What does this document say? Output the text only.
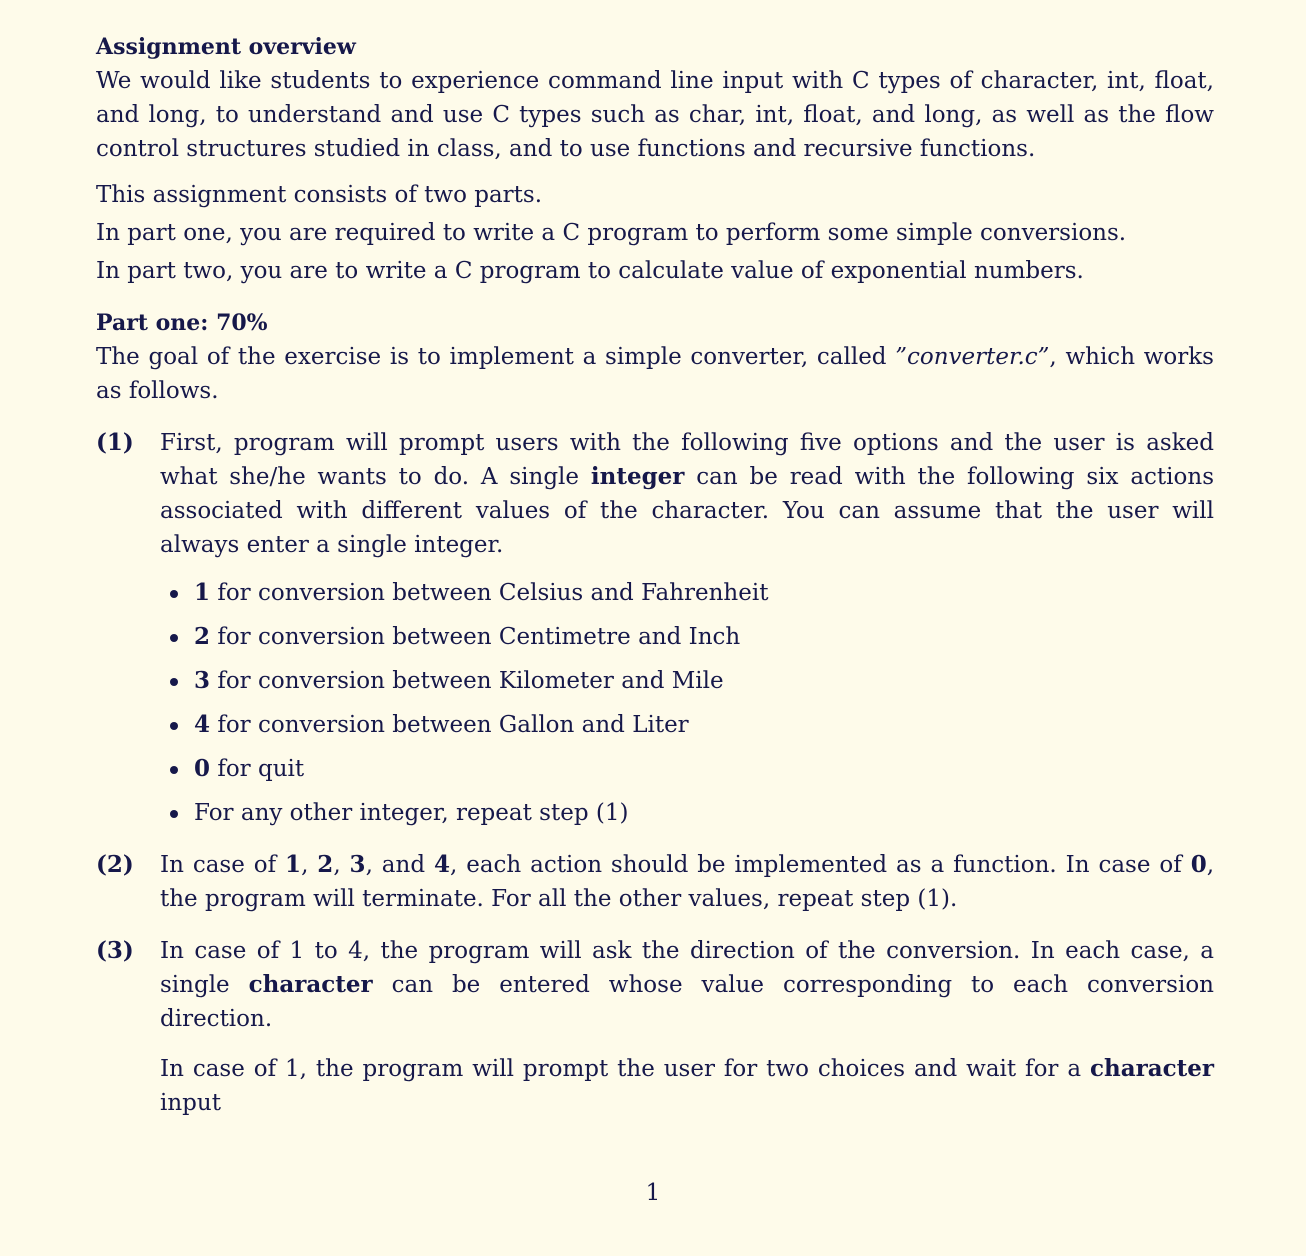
Assignment overview

We would like students to experience command line input with C types of character, int, float, and long, to understand and use C types such as char, int, float, and long, as well as the flow control structures studied in class, and to use functions and recursive functions.

This assignment consists of two parts.

In part one, you are required to write a C program to perform some simple conversions.

In part two, you are to write a C program to calculate value of exponential numbers.

Part one: 70%

The goal of the exercise is to implement a simple converter, called ”converter.c”, which works as follows.

(1)	First, program will prompt users with the following five options and the user is asked what she/he wants to do. A single integer can be read with the following six actions associated with different values of the character. You can assume that the user will always enter a single integer.

1 for conversion between Celsius and Fahrenheit
2 for conversion between Centimetre and Inch
3 for conversion between Kilometer and Mile
4 for conversion between Gallon and Liter
0 for quit
For any other integer, repeat step (1)
(2)	In case of 1, 2, 3, and 4, each action should be implemented as a function. In case of 0, the program will terminate. For all the other values, repeat step (1).

(3)	In case of 1 to 4, the program will ask the direction of the conversion. In each case, a single character can be entered whose value corresponding to each conversion direction.

In case of 1, the program will prompt the user for two choices and wait for a character input

1
